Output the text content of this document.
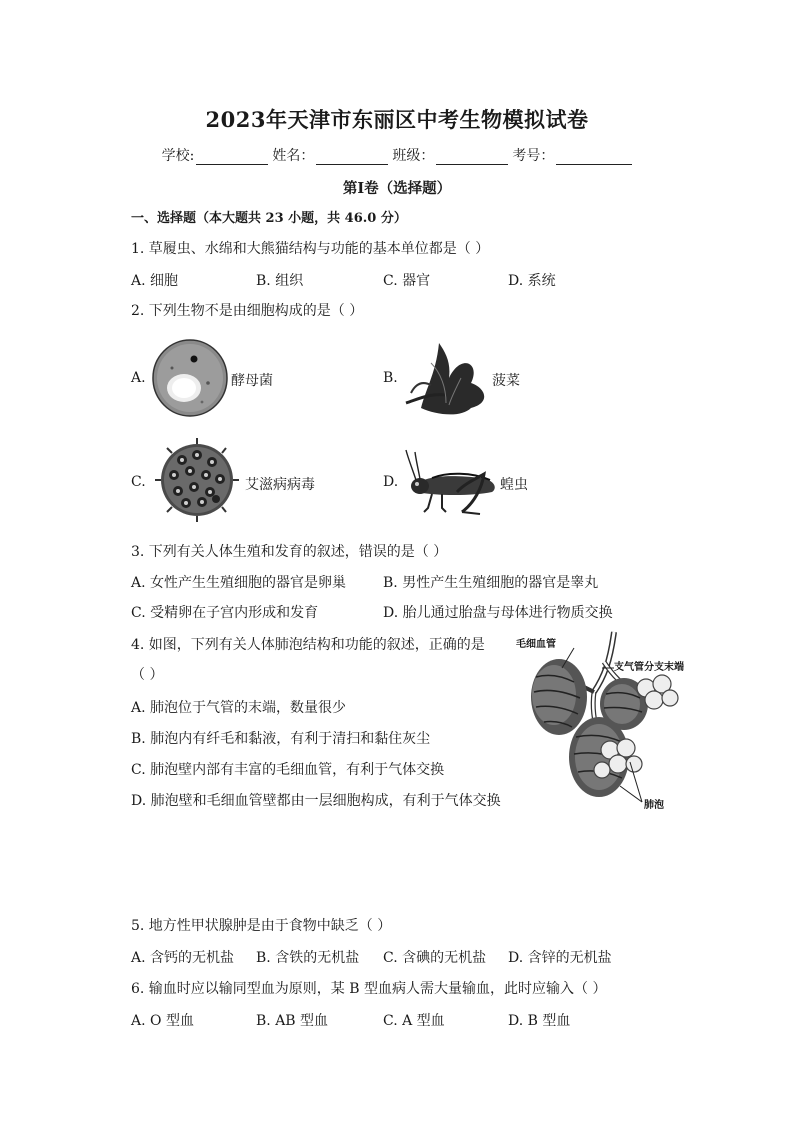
2023年天津市东丽区中考生物模拟试卷
学校:	姓名：	班级：	考号：
第I卷（选择题）
一、选择题（本大题共 23 小题，共 46.0 分）
1. 草履虫、水绵和大熊猫结构与功能的基本单位都是（ ）
A. 细胞	B. 组织	C. 器官	D. 系统
2. 下列生物不是由细胞构成的是（ ）
A.	酵母菌	B.	菠菜
C.	艾滋病病毒	D.	蝗虫
3. 下列有关人体生殖和发育的叙述，错误的是（ ）
A. 女性产生生殖细胞的器官是卵巢	B. 男性产生生殖细胞的器官是睾丸
C. 受精卵在子宫内形成和发育	D. 胎儿通过胎盘与母体进行物质交换
4. 如图，下列有关人体肺泡结构和功能的叙述，正确的是
（ ）
A. 肺泡位于气管的末端，数量很少
B. 肺泡内有纤毛和黏液，有利于清扫和黏住灰尘
C. 肺泡壁内部有丰富的毛细血管，有利于气体交换
D. 肺泡壁和毛细血管壁都由一层细胞构成，有利于气体交换
毛细血管
支气管分支末端
肺泡
5. 地方性甲状腺肿是由于食物中缺乏（ ）
A. 含钙的无机盐 B. 含铁的无机盐 C. 含碘的无机盐 D. 含锌的无机盐
6. 输血时应以输同型血为原则，某 B 型血病人需大量输血，此时应输入（ ）
A. O 型血	B. AB 型血	C. A 型血	D. B 型血
